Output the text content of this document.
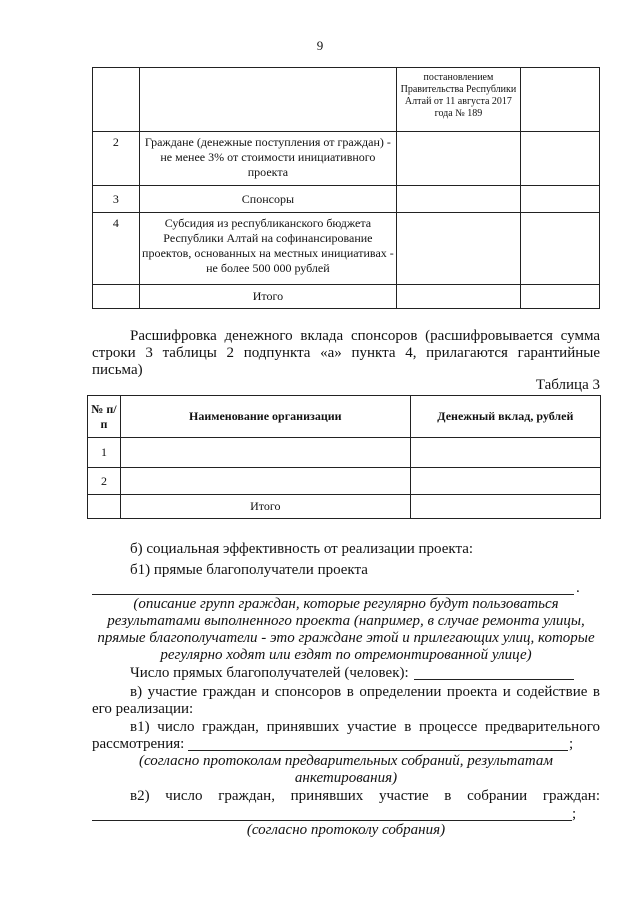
9
		постановлением Правительства Республики Алтай от 11 августа 2017 года № 189	
2	Граждане (денежные поступления от граждан) - не менее 3% от стоимости инициативного проекта		
3	Спонсоры		
4	Субсидия из республиканского бюджета Республики Алтай на софинансирование проектов, основанных на местных инициативах - не более 500 000 рублей		
	Итого		
Расшифровка денежного вклада спонсоров (расшифровывается сумма
строки 3 таблицы 2 подпункта «а» пункта 4, прилагаются гарантийные
письма)
Таблица 3
№ п/п	Наименование организации	Денежный вклад, рублей
1		
2		
	Итого	
б) социальная эффективность от реализации проекта:
б1) прямые благополучатели проекта
.
(описание групп граждан, которые регулярно будут пользоваться
результатами выполненного проекта (например, в случае ремонта улицы,
прямые благополучатели - это граждане этой и прилегающих улиц, которые
регулярно ходят или ездят по отремонтированной улице)
Число прямых благополучателей (человек):
в) участие граждан и спонсоров в определении проекта и содействие в
его реализации:
в1) число граждан, принявших участие в процессе предварительного
рассмотрения:	;
(согласно протоколам предварительных собраний, результатам
анкетирования)
в2) число граждан, принявших участие в собрании граждан:
;
(согласно протоколу собрания)
